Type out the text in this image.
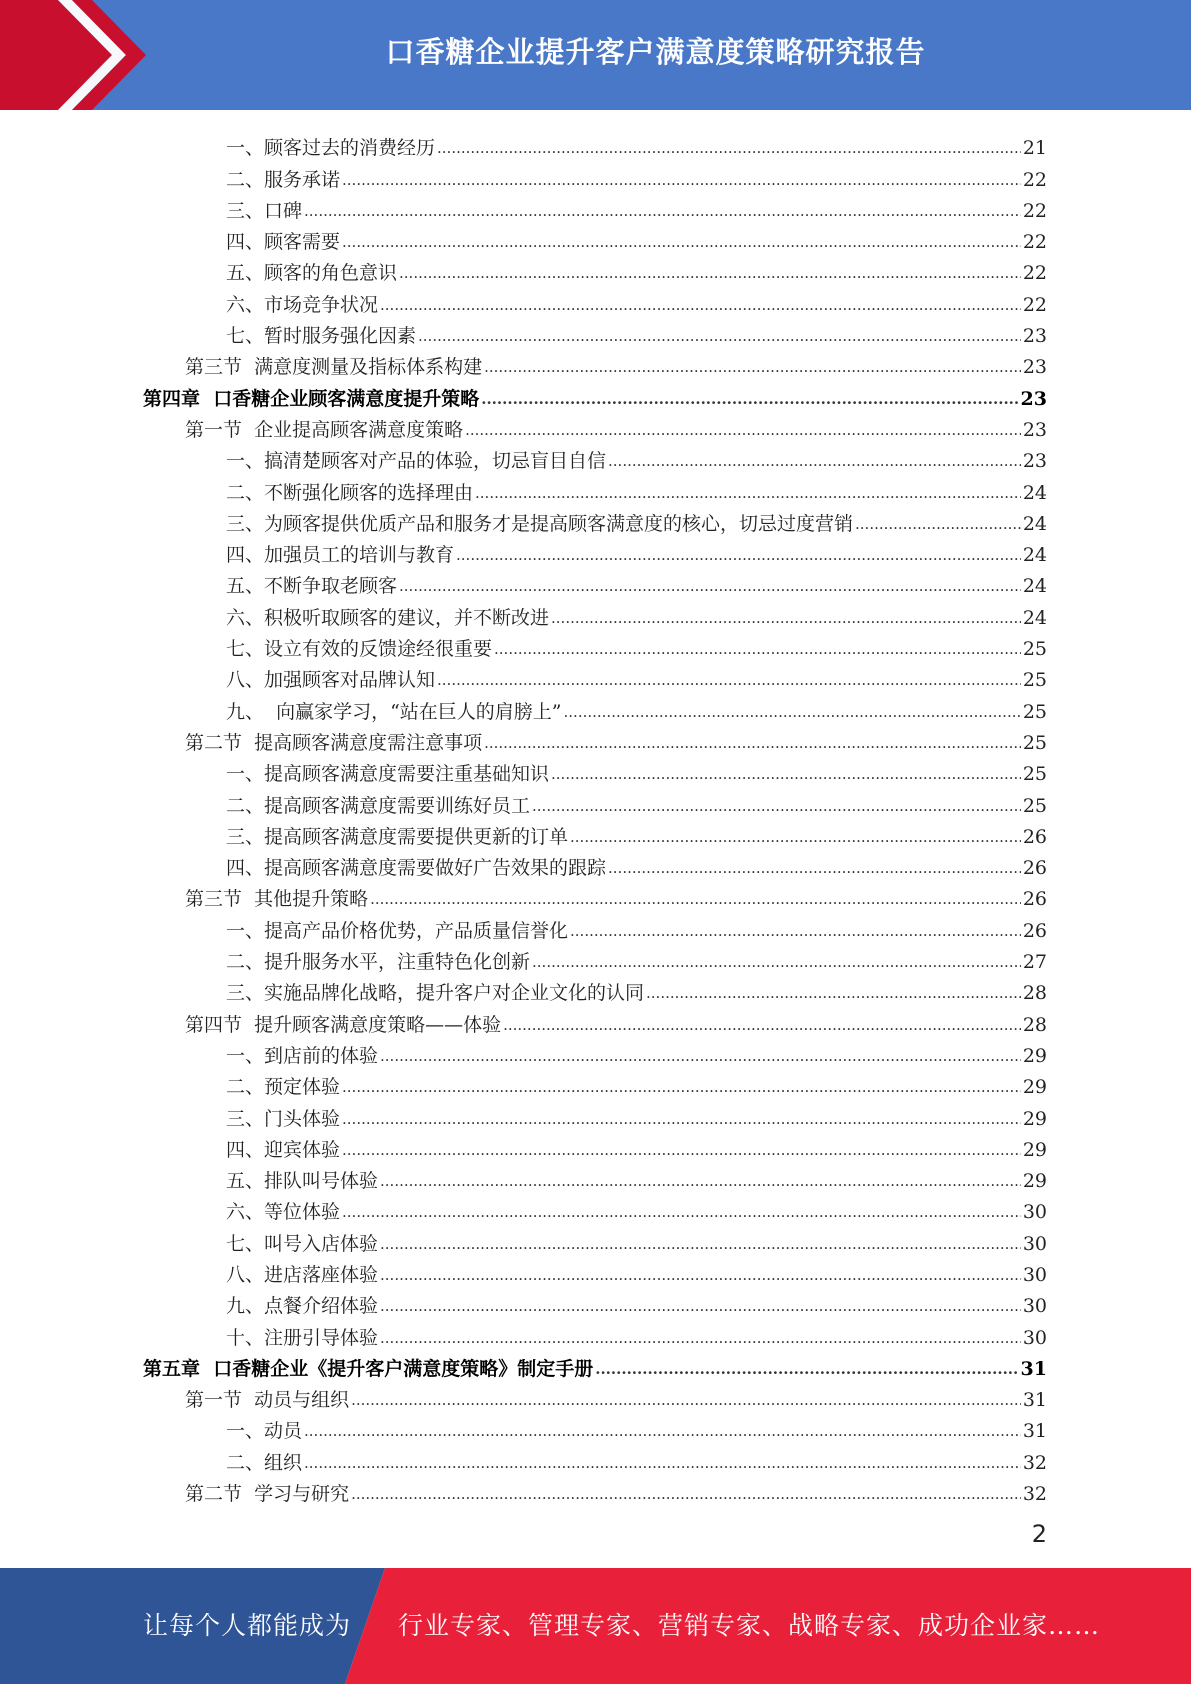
口香糖企业提升客户满意度策略研究报告
一、顾客过去的消费经历 .....	21
二、服务承诺 .....	22
三、口碑 .....	22
四、顾客需要 .....	22
五、顾客的角色意识 .....	22
六、市场竞争状况 .....	22
七、暂时服务强化因素 .....	23
第三节  满意度测量及指标体系构建 .....	23
第四章  口香糖企业顾客满意度提升策略 .....	23
第一节  企业提高顾客满意度策略 .....	23
一、搞清楚顾客对产品的体验，切忌盲目自信 .....	23
二、不断强化顾客的选择理由 .....	24
三、为顾客提供优质产品和服务才是提高顾客满意度的核心，切忌过度营销 .....	24
四、加强员工的培训与教育 .....	24
五、不断争取老顾客 .....	24
六、积极听取顾客的建议，并不断改进 .....	24
七、设立有效的反馈途经很重要 .....	25
八、加强顾客对品牌认知 .....	25
九、  向赢家学习，“站在巨人的肩膀上” .....	25
第二节  提高顾客满意度需注意事项 .....	25
一、提高顾客满意度需要注重基础知识 .....	25
二、提高顾客满意度需要训练好员工 .....	25
三、提高顾客满意度需要提供更新的订单 .....	26
四、提高顾客满意度需要做好广告效果的跟踪 .....	26
第三节  其他提升策略 .....	26
一、提高产品价格优势，产品质量信誉化 .....	26
二、提升服务水平，注重特色化创新 .....	27
三、实施品牌化战略，提升客户对企业文化的认同 .....	28
第四节  提升顾客满意度策略——体验 .....	28
一、到店前的体验 .....	29
二、预定体验 .....	29
三、门头体验 .....	29
四、迎宾体验 .....	29
五、排队叫号体验 .....	29
六、等位体验 .....	30
七、叫号入店体验 .....	30
八、进店落座体验 .....	30
九、点餐介绍体验 .....	30
十、注册引导体验 .....	30
第五章  口香糖企业《提升客户满意度策略》制定手册 .....	31
第一节  动员与组织 .....	31
一、动员 .....	31
二、组织 .....	32
第二节  学习与研究 .....	32
2
让每个人都能成为 行业专家、管理专家、营销专家、战略专家、成功企业家……
